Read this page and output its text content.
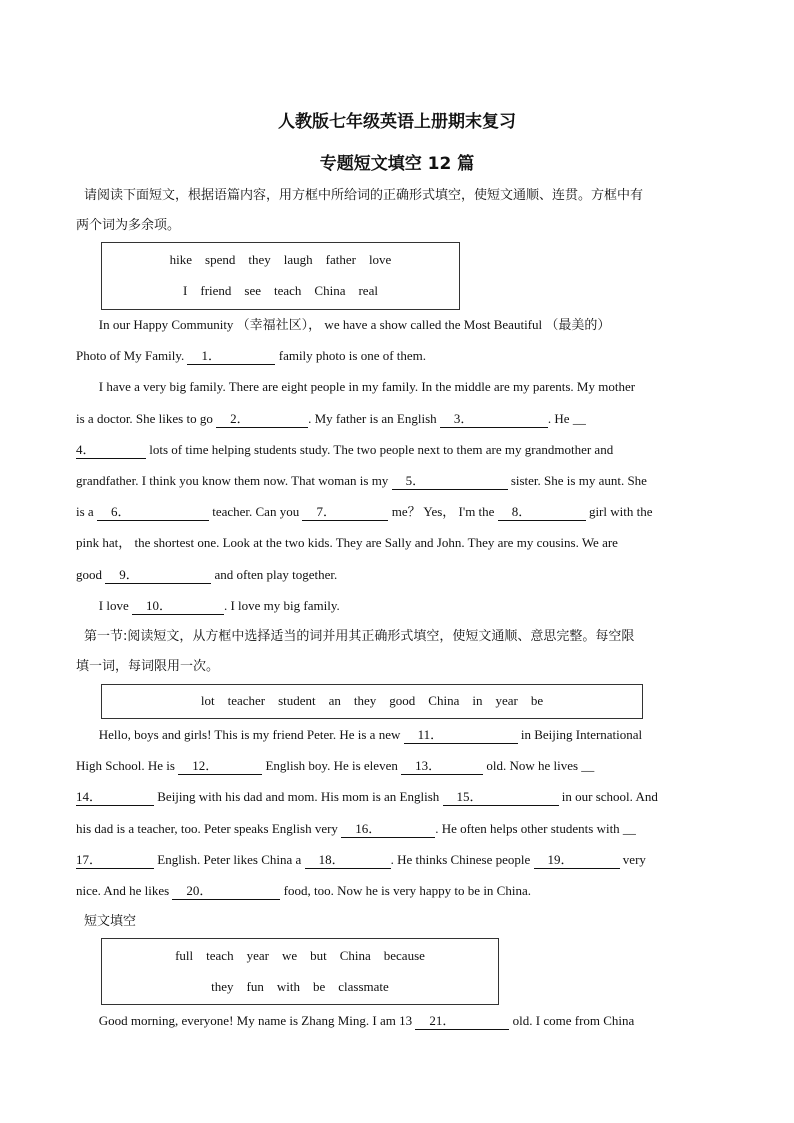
人教版七年级英语上册期末复习
专题短文填空 12 篇
请阅读下面短文，根据语篇内容，用方框中所给词的正确形式填空，使短文通顺、连贯。方框中有
两个词为多余项。
hike    spend    they    laugh    father    love
I    friend    see    teach    China    real
In our Happy Community （幸福社区）， we have a show called the Most Beautiful （最美的）
Photo of My Family. 1．	family photo is one of them.
I have a very big family. There are eight people in my family. In the middle are my parents. My mother
is a doctor. She likes to go 2．	. My father is an English 3．	. He __
4．	lots of time helping students study. The two people next to them are my grandmother and
grandfather. I think you know them now. That woman is my 5．	sister. She is my aunt. She
is a 6．	teacher. Can you 7．	me？ Yes， I'm the 8．	girl with the
pink hat， the shortest one. Look at the two kids. They are Sally and John. They are my cousins. We are
good 9．	and often play together.
I love 10．	. I love my big family.
第一节:阅读短文，从方框中选择适当的词并用其正确形式填空，使短文通顺、意思完整。每空限
填一词，每词限用一次。
lot    teacher    student    an    they    good    China    in    year    be
Hello, boys and girls! This is my friend Peter. He is a new 11．	in Beijing International
High School. He is 12．	English boy. He is eleven 13．	old. Now he lives __
14．	Beijing with his dad and mom. His mom is an English 15．	in our school. And
his dad is a teacher, too. Peter speaks English very 16．	. He often helps other students with __
17．	English. Peter likes China a 18．	. He thinks Chinese people 19．	very
nice. And he likes 20．	food, too. Now he is very happy to be in China.
短文填空
full    teach    year    we    but    China    because
they    fun    with    be    classmate
Good morning, everyone! My name is Zhang Ming. I am 13 21．	old. I come from China
